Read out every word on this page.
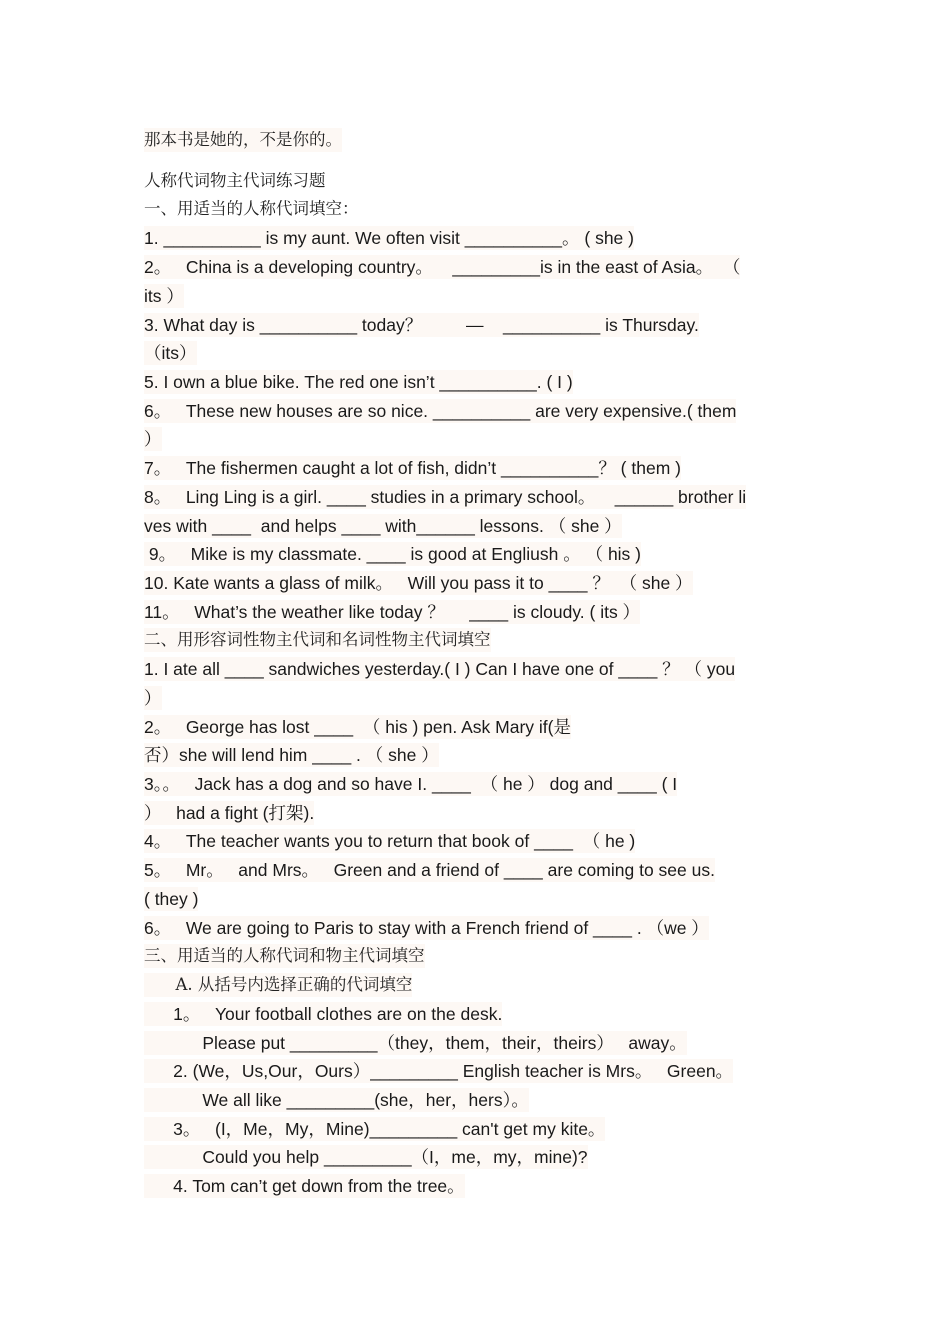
那本书是她的，不是你的。
人称代词物主代词练习题
一、用适当的人称代词填空：
1. __________ is my aunt. We often visit __________。 ( she )
2。   China is a developing country。    _________is in the east of Asia。  （
its ）
3. What day is __________ today？         —    __________ is Thursday.
（its）
5. I own a blue bike. The red one isn’t __________. ( I )
6。   These new houses are so nice. __________ are very expensive.( them
）
7。   The fishermen caught a lot of fish, didn’t __________？ ( them )
8。   Ling Ling is a girl. ____ studies in a primary school。    ______ brother li
ves with ____  and helps ____ with______ lessons. （ she ）
9。   Mike is my classmate. ____ is good at Engliush 。 （ his )
10. Kate wants a glass of milk。   Will you pass it to ____ ？  （ she ）
11。   What’s the weather like today ？     ____ is cloudy. ( its ）
二、用形容词性物主代词和名词性物主代词填空
1. I ate all ____ sandwiches yesterday.( I ) Can I have one of ____ ？ （ you
）
2。   George has lost ____  （ his ) pen. Ask Mary if(是
否）she will lend him ____ . （ she ）
3。。   Jack has a dog and so have I. ____  （ he ） dog and ____ ( I
）   had a fight (打架).
4。   The teacher wants you to return that book of ____  （ he )
5。   Mr。   and Mrs。   Green and a friend of ____ are coming to see us.
( they )
6。   We are going to Paris to stay with a French friend of ____ . （we ）
三、用适当的人称代词和物主代词填空
A. 从括号内选择正确的代词填空
1。   Your football clothes are on the desk.
Please put _________（they，them，their，theirs）   away。
2. (We，Us,Our，Ours）_________ English teacher is Mrs。   Green。
We all like _________(she，her，hers）。
3。   (I，Me，My，Mine)_________ can't get my kite。
Could you help _________（I，me，my，mine)?
4. Tom can’t get down from the tree。
